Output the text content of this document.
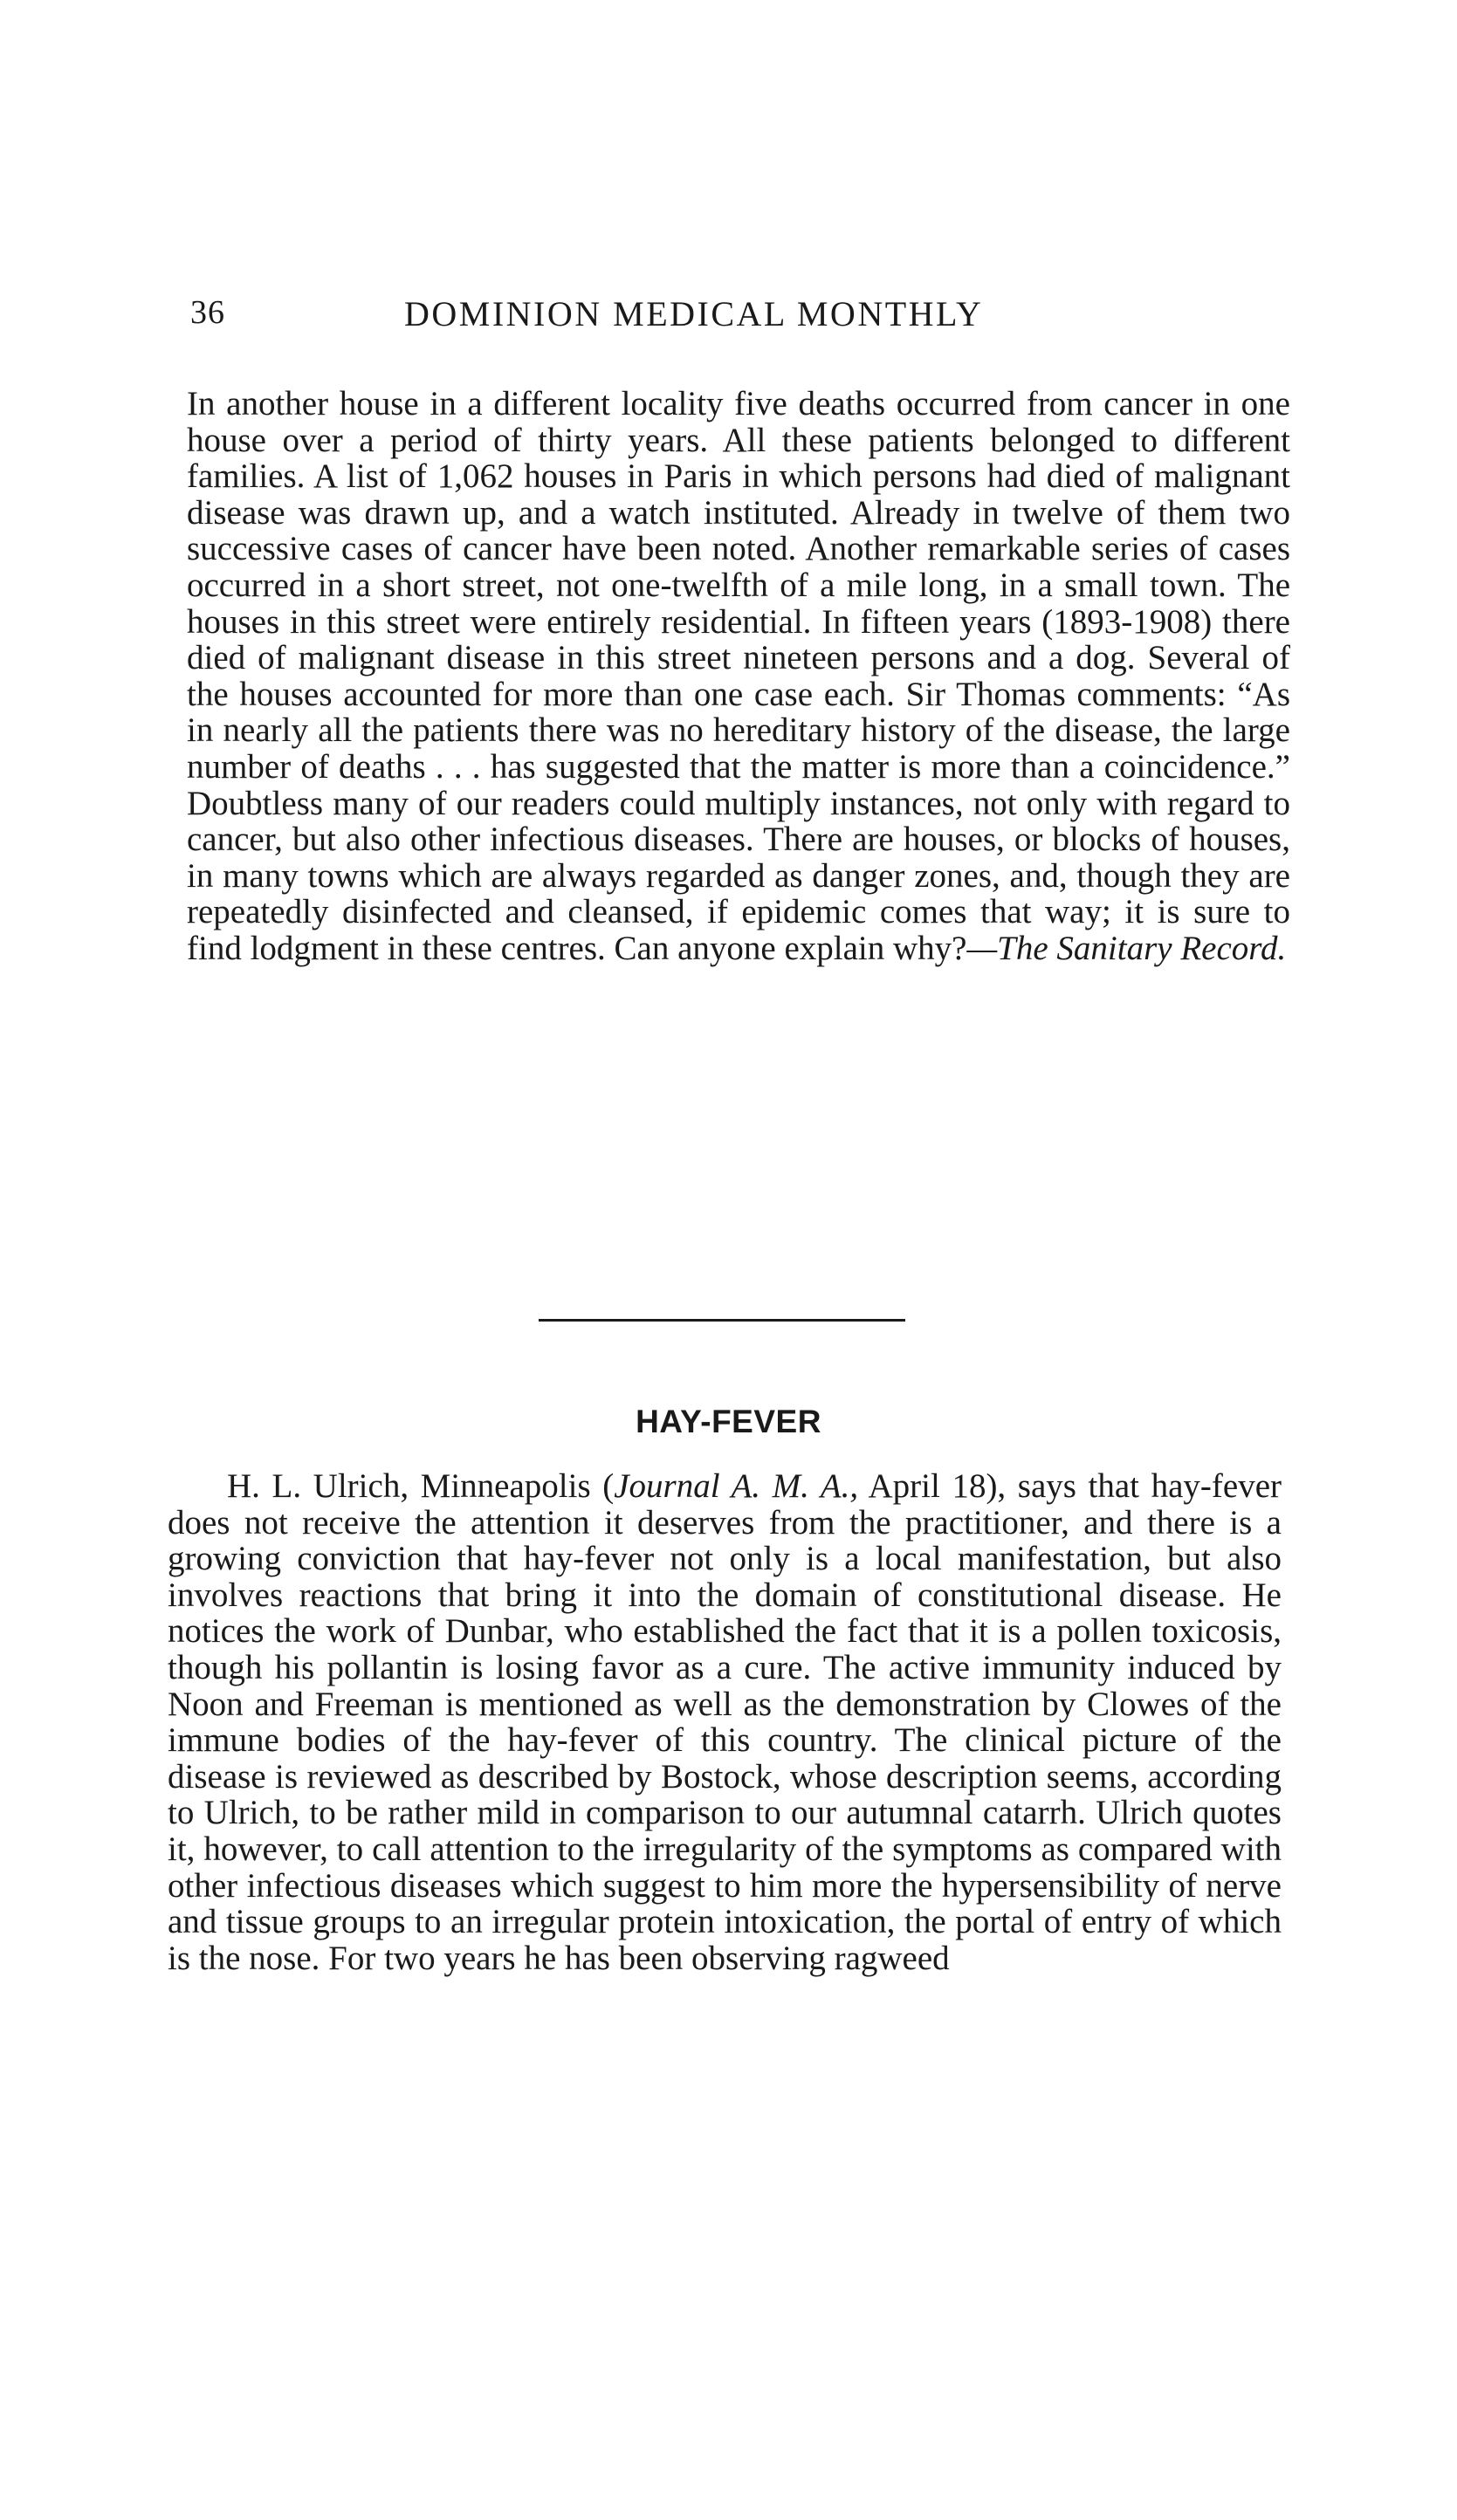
36	DOMINION MEDICAL MONTHLY

In another house in a different locality five deaths occurred from cancer in one house over a period of thirty years. All these patients belonged to different families. A list of 1,062 houses in Paris in which persons had died of malignant disease was drawn up, and a watch instituted. Already in twelve of them two successive cases of cancer have been noted. Another remarkable series of cases occurred in a short street, not one-twelfth of a mile long, in a small town. The houses in this street were entirely residential. In fifteen years (1893-1908) there died of malignant disease in this street nineteen persons and a dog. Several of the houses accounted for more than one case each. Sir Thomas comments: “As in nearly all the patients there was no hereditary history of the disease, the large number of deaths . . . has suggested that the matter is more than a coincidence.” Doubtless many of our readers could multiply instances, not only with regard to cancer, but also other infectious diseases. There are houses, or blocks of houses, in many towns which are always regarded as danger zones, and, though they are repeatedly disinfected and cleansed, if epidemic comes that way; it is sure to find lodgment in these centres. Can anyone explain why?—The Sanitary Record.

HAY-FEVER

H. L. Ulrich, Minneapolis (Journal A. M. A., April 18), says that hay-fever does not receive the attention it deserves from the practitioner, and there is a growing conviction that hay-fever not only is a local manifestation, but also involves reactions that bring it into the domain of constitutional disease. He notices the work of Dunbar, who established the fact that it is a pollen toxicosis, though his pollantin is losing favor as a cure. The active immunity induced by Noon and Freeman is mentioned as well as the demonstration by Clowes of the immune bodies of the hay-fever of this country. The clinical picture of the disease is reviewed as described by Bostock, whose description seems, according to Ulrich, to be rather mild in comparison to our autumnal catarrh. Ulrich quotes it, however, to call attention to the irregularity of the symptoms as compared with other infectious diseases which suggest to him more the hypersensibility of nerve and tissue groups to an irregular protein intoxication, the portal of entry of which is the nose. For two years he has been observing ragweed
